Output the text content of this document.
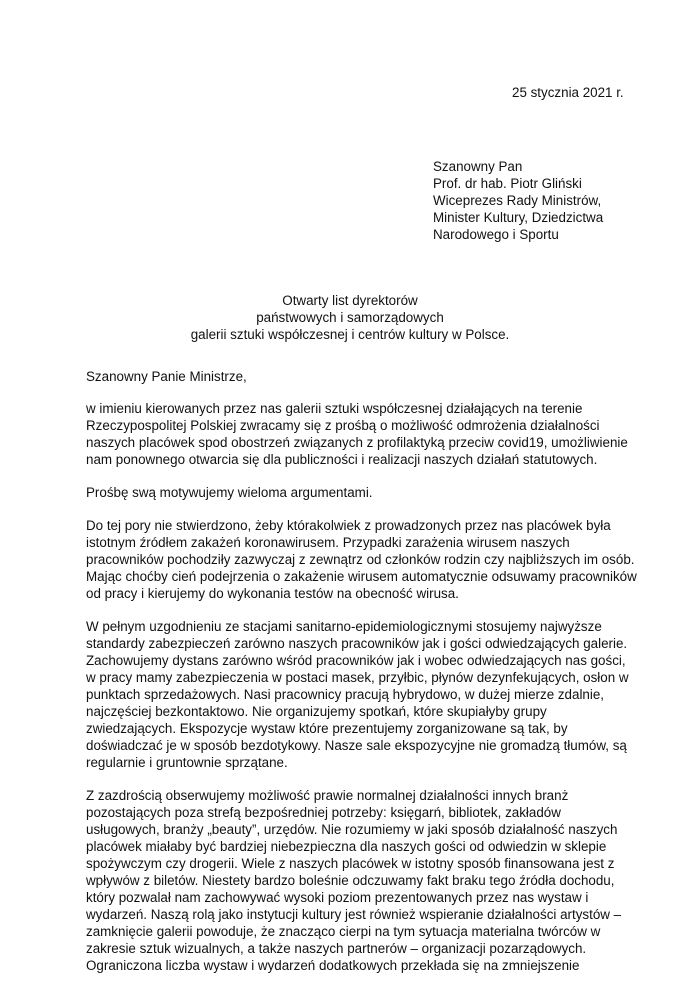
25 stycznia 2021 r.
Szanowny Pan
Prof. dr hab. Piotr Gliński
Wiceprezes Rady Ministrów,
Minister Kultury, Dziedzictwa
Narodowego i Sportu
Otwarty list dyrektorów
państwowych i samorządowych
galerii sztuki współczesnej i centrów kultury w Polsce.
Szanowny Panie Ministrze,
w imieniu kierowanych przez nas galerii sztuki współczesnej działających na terenie
Rzeczypospolitej Polskiej zwracamy się z prośbą o możliwość odmrożenia działalności
naszych placówek spod obostrzeń związanych z profilaktyką przeciw covid19, umożliwienie
nam ponownego otwarcia się dla publiczności i realizacji naszych działań statutowych.
Prośbę swą motywujemy wieloma argumentami.
Do tej pory nie stwierdzono, żeby którakolwiek z prowadzonych przez nas placówek była
istotnym źródłem zakażeń koronawirusem. Przypadki zarażenia wirusem naszych
pracowników pochodziły zazwyczaj z zewnątrz od członków rodzin czy najbliższych im osób.
Mając choćby cień podejrzenia o zakażenie wirusem automatycznie odsuwamy pracowników
od pracy i kierujemy do wykonania testów na obecność wirusa.
W pełnym uzgodnieniu ze stacjami sanitarno-epidemiologicznymi stosujemy najwyższe
standardy zabezpieczeń zarówno naszych pracowników jak i gości odwiedzających galerie.
Zachowujemy dystans zarówno wśród pracowników jak i wobec odwiedzających nas gości,
w pracy mamy zabezpieczenia w postaci masek, przyłbic, płynów dezynfekujących, osłon w
punktach sprzedażowych. Nasi pracownicy pracują hybrydowo, w dużej mierze zdalnie,
najczęściej bezkontaktowo. Nie organizujemy spotkań, które skupiałyby grupy
zwiedzających. Ekspozycje wystaw które prezentujemy zorganizowane są tak, by
doświadczać je w sposób bezdotykowy. Nasze sale ekspozycyjne nie gromadzą tłumów, są
regularnie i gruntownie sprzątane.
Z zazdrością obserwujemy możliwość prawie normalnej działalności innych branż
pozostających poza strefą bezpośredniej potrzeby: księgarń, bibliotek, zakładów
usługowych, branży „beauty”, urzędów. Nie rozumiemy w jaki sposób działalność naszych
placówek miałaby być bardziej niebezpieczna dla naszych gości od odwiedzin w sklepie
spożywczym czy drogerii. Wiele z naszych placówek w istotny sposób finansowana jest z
wpływów z biletów. Niestety bardzo boleśnie odczuwamy fakt braku tego źródła dochodu,
który pozwalał nam zachowywać wysoki poziom prezentowanych przez nas wystaw i
wydarzeń. Naszą rolą jako instytucji kultury jest również wspieranie działalności artystów –
zamknięcie galerii powoduje, że znacząco cierpi na tym sytuacja materialna twórców w
zakresie sztuk wizualnych, a także naszych partnerów – organizacji pozarządowych.
Ograniczona liczba wystaw i wydarzeń dodatkowych przekłada się na zmniejszenie
